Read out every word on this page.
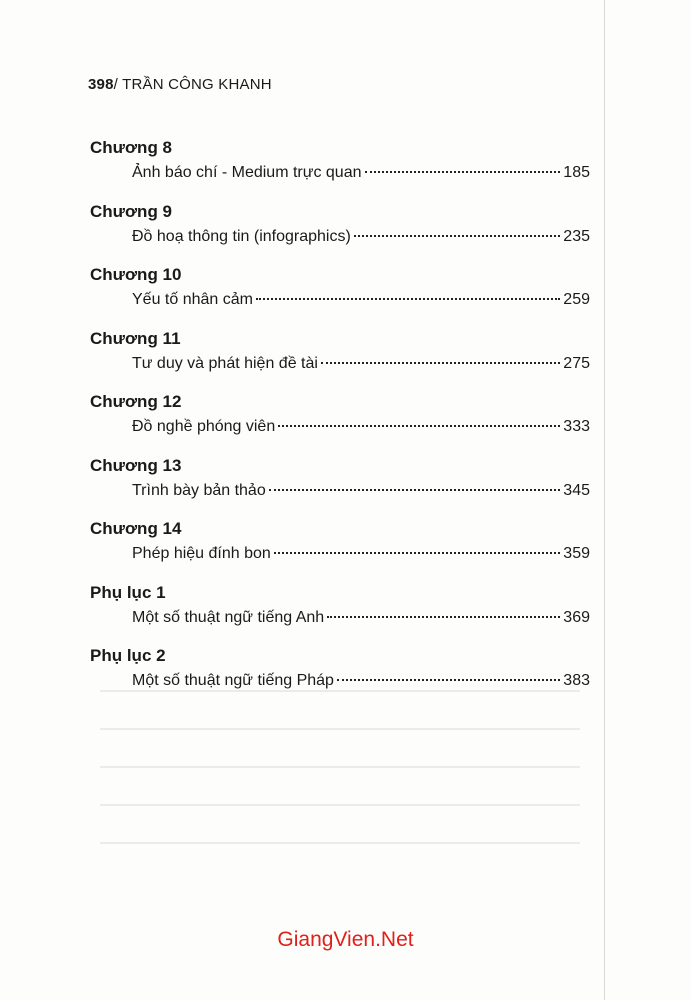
398/ TRẦN CÔNG KHANH
Chương 8
Ảnh báo chí - Medium trực quan	185
Chương 9
Đồ hoạ thông tin (infographics)	235
Chương 10
Yếu tố nhân cảm	259
Chương 11
Tư duy và phát hiện đề tài	275
Chương 12
Đồ nghề phóng viên	333
Chương 13
Trình bày bản thảo	345
Chương 14
Phép hiệu đính bon	359
Phụ lục 1
Một số thuật ngữ tiếng Anh	369
Phụ lục 2
Một số thuật ngữ tiếng Pháp	383
GiangVien.Net
